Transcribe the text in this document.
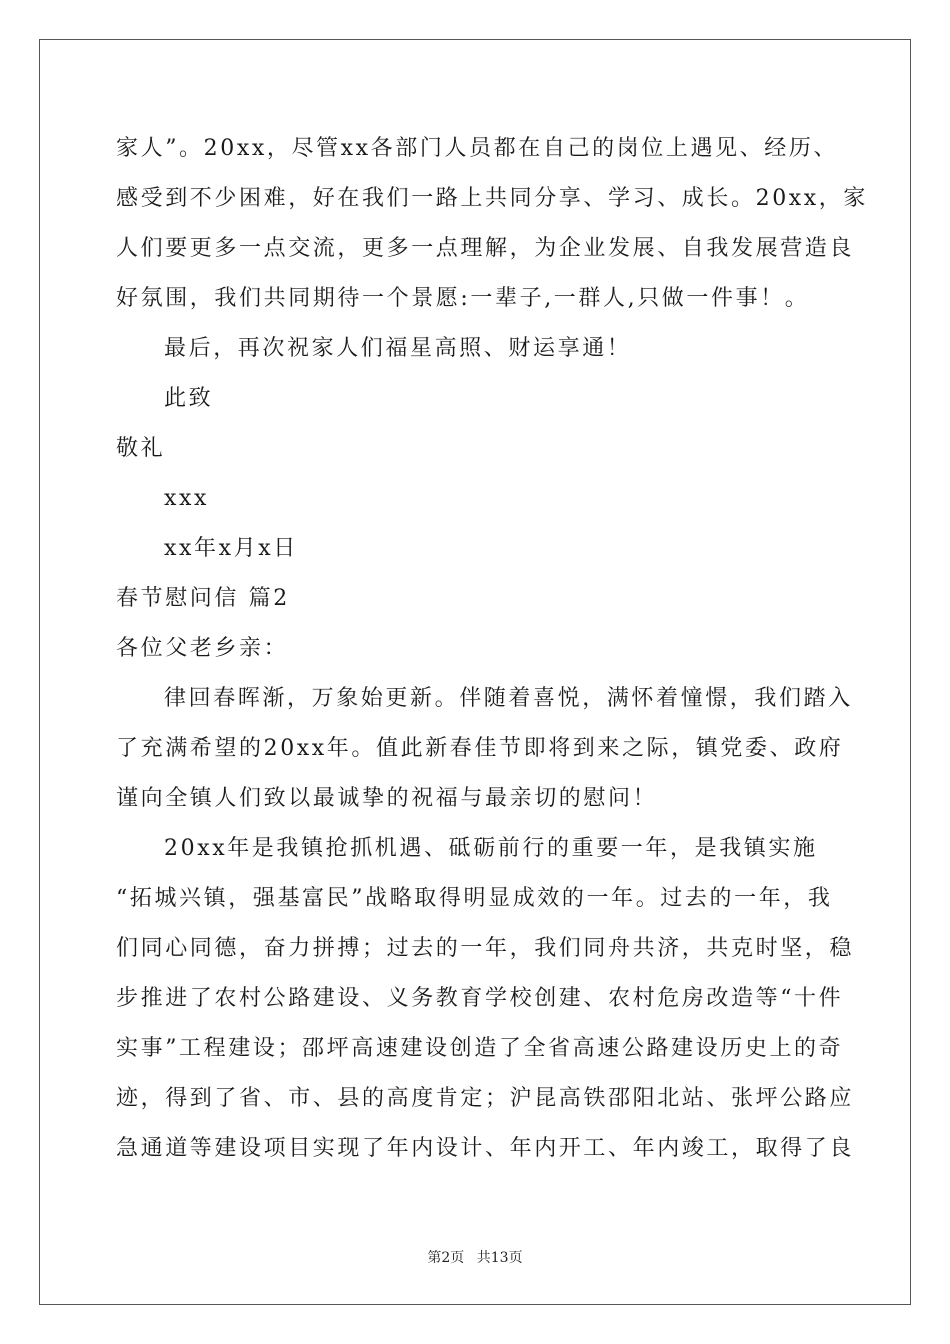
家人”。20xx，尽管xx各部门人员都在自己的岗位上遇见、经历、
感受到不少困难，好在我们一路上共同分享、学习、成长。20xx，家
人们要更多一点交流，更多一点理解，为企业发展、自我发展营造良
好氛围，我们共同期待一个景愿:一辈子,一群人,只做一件事！。
最后，再次祝家人们福星高照、财运享通！
此致
敬礼
xxx
xx年x月x日
春节慰问信 篇2
各位父老乡亲：
律回春晖渐，万象始更新。伴随着喜悦，满怀着憧憬，我们踏入
了充满希望的20xx年。值此新春佳节即将到来之际，镇党委、政府
谨向全镇人们致以最诚挚的祝福与最亲切的慰问！
20xx年是我镇抢抓机遇、砥砺前行的重要一年，是我镇实施
“拓城兴镇，强基富民”战略取得明显成效的一年。过去的一年，我
们同心同德，奋力拼搏；过去的一年，我们同舟共济，共克时坚，稳
步推进了农村公路建设、义务教育学校创建、农村危房改造等“十件
实事”工程建设；邵坪高速建设创造了全省高速公路建设历史上的奇
迹，得到了省、市、县的高度肯定；沪昆高铁邵阳北站、张坪公路应
急通道等建设项目实现了年内设计、年内开工、年内竣工，取得了良
第2页 共13页
